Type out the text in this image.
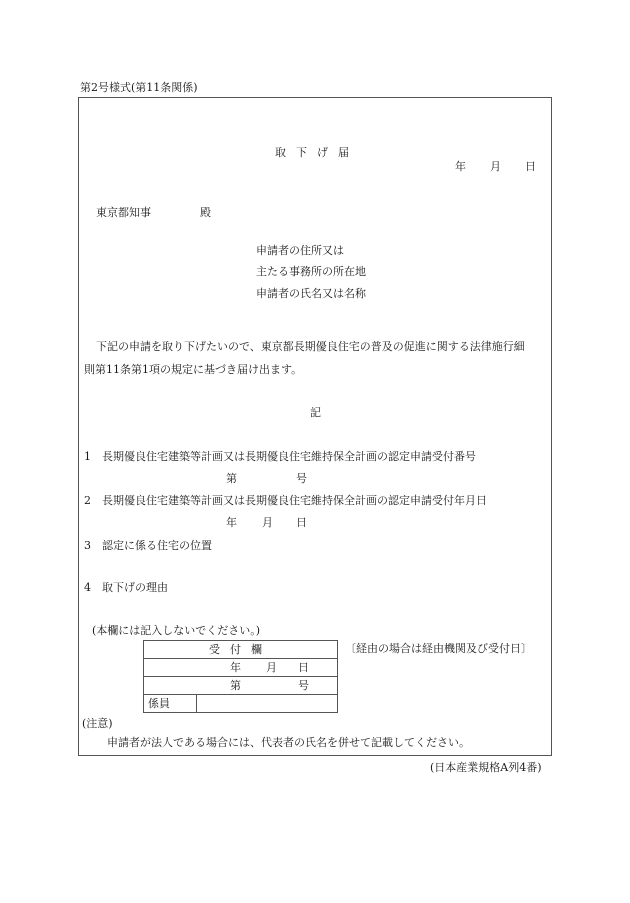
第2号様式(第11条関係)
取下げ届
年 月 日
東京都知事	殿
申請者の住所又は
主たる事務所の所在地
申請者の氏名又は名称
下記の申請を取り下げたいので、東京都長期優良住宅の普及の促進に関する法律施行細
則第11条第1項の規定に基づき届け出ます。
記
1 長期優良住宅建築等計画又は長期優良住宅維持保全計画の認定申請受付番号
第	号
2 長期優良住宅建築等計画又は長期優良住宅維持保全計画の認定申請受付年月日
年 月 日
3 認定に係る住宅の位置
4 取下げの理由
(本欄には記入しないでください。)
受付欄

年 月 日

第	号

係員	
〔経由の場合は経由機関及び受付日〕
(注意)
申請者が法人である場合には、代表者の氏名を併せて記載してください。
(日本産業規格A列4番)
